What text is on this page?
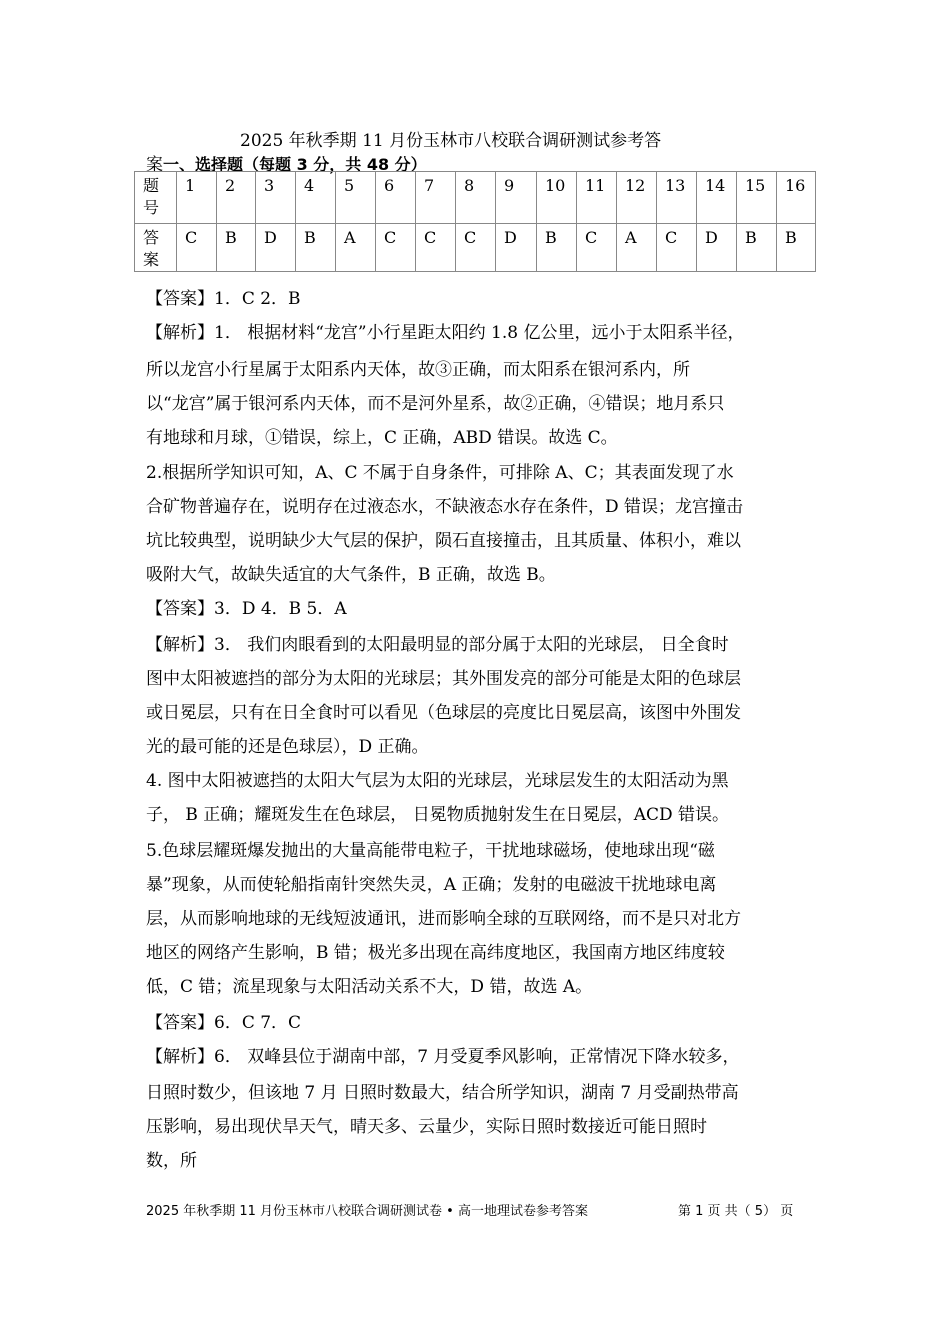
2025 年秋季期 11 月份玉林市八校联合调研测试参考答
案一、选择题（每题 3 分，共 48 分）
题
号	1	2	3	4	5	6	7	8	9	10	11	12	13	14	15	16
答
案	C	B	D	B	A	C	C	C	D	B	C	A	C	D	B	B
【答案】1．C 2．B
【解析】1． 根据材料“龙宫”小行星距太阳约 1.8 亿公里，远小于太阳系半径，
所以龙宫小行星属于太阳系内天体，故③正确，而太阳系在银河系内，所
以“龙宫”属于银河系内天体，而不是河外星系，故②正确，④错误；地月系只
有地球和月球，①错误，综上，C 正确，ABD 错误。故选 C。
2.根据所学知识可知，A、C 不属于自身条件，可排除 A、C；其表面发现了水
合矿物普遍存在，说明存在过液态水，不缺液态水存在条件，D 错误；龙宫撞击
坑比较典型，说明缺少大气层的保护，陨石直接撞击，且其质量、体积小，难以
吸附大气，故缺失适宜的大气条件，B 正确，故选 B。
【答案】3．D 4．B 5．A
【解析】3． 我们肉眼看到的太阳最明显的部分属于太阳的光球层， 日全食时
图中太阳被遮挡的部分为太阳的光球层；其外围发亮的部分可能是太阳的色球层
或日冕层，只有在日全食时可以看见（色球层的亮度比日冕层高，该图中外围发
光的最可能的还是色球层），D 正确。
4. 图中太阳被遮挡的太阳大气层为太阳的光球层，光球层发生的太阳活动为黑
子， B 正确；耀斑发生在色球层， 日冕物质抛射发生在日冕层，ACD 错误。
5.色球层耀斑爆发抛出的大量高能带电粒子，干扰地球磁场，使地球出现“磁
暴”现象，从而使轮船指南针突然失灵，A 正确；发射的电磁波干扰地球电离
层，从而影响地球的无线短波通讯，进而影响全球的互联网络，而不是只对北方
地区的网络产生影响，B 错；极光多出现在高纬度地区，我国南方地区纬度较
低，C 错；流星现象与太阳活动关系不大，D 错，故选 A。
【答案】6．C 7．C
【解析】6． 双峰县位于湖南中部，7 月受夏季风影响，正常情况下降水较多，
日照时数少，但该地 7 月 日照时数最大，结合所学知识，湖南 7 月受副热带高
压影响，易出现伏旱天气，晴天多、云量少，实际日照时数接近可能日照时
数，所
2025 年秋季期 11 月份玉林市八校联合调研测试卷 • 高一地理试卷参考答案	第 1 页 共（ 5） 页
